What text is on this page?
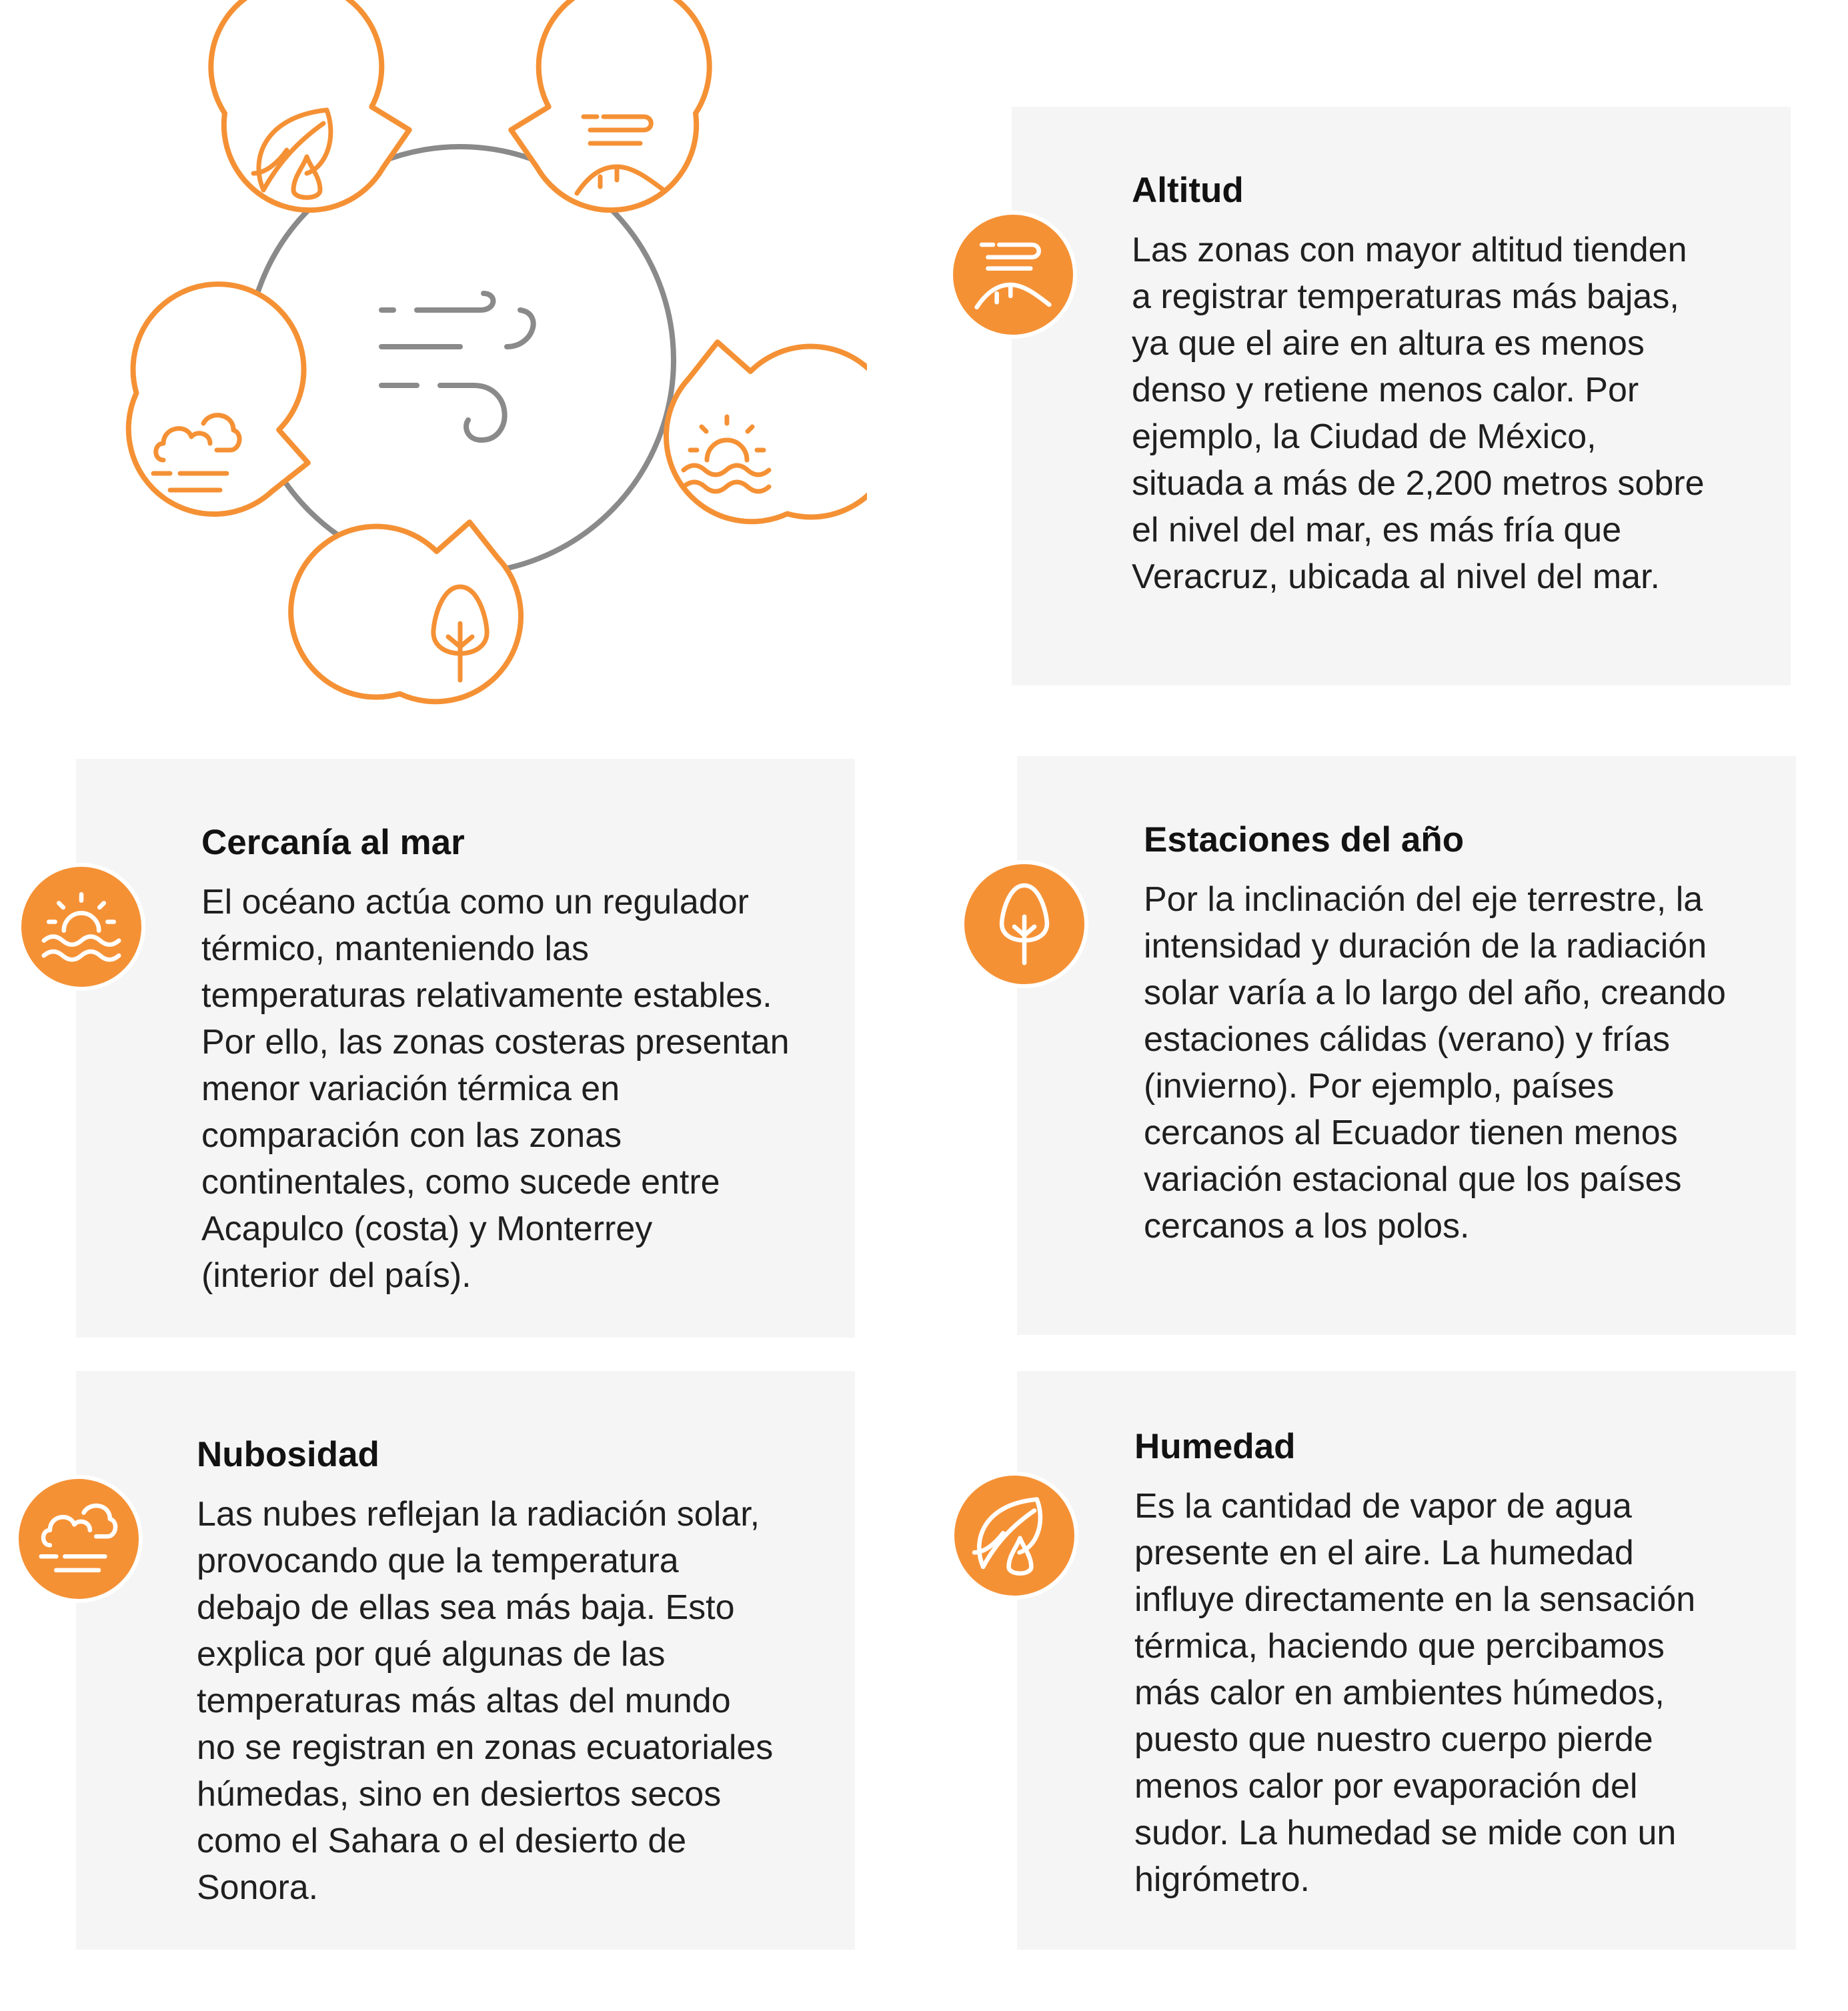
Altitud
Las zonas con mayor altitud tienden
a registrar temperaturas más bajas,
ya que el aire en altura es menos
denso y retiene menos calor. Por
ejemplo, la Ciudad de México,
situada a más de 2,200 metros sobre
el nivel del mar, es más fría que
Veracruz, ubicada al nivel del mar.
Cercanía al mar
El océano actúa como un regulador
térmico, manteniendo las
temperaturas relativamente estables.
Por ello, las zonas costeras presentan
menor variación térmica en
comparación con las zonas
continentales, como sucede entre
Acapulco (costa) y Monterrey
(interior del país).
Estaciones del año
Por la inclinación del eje terrestre, la
intensidad y duración de la radiación
solar varía a lo largo del año, creando
estaciones cálidas (verano) y frías
(invierno). Por ejemplo, países
cercanos al Ecuador tienen menos
variación estacional que los países
cercanos a los polos.
Nubosidad
Las nubes reflejan la radiación solar,
provocando que la temperatura
debajo de ellas sea más baja. Esto
explica por qué algunas de las
temperaturas más altas del mundo
no se registran en zonas ecuatoriales
húmedas, sino en desiertos secos
como el Sahara o el desierto de
Sonora.
Humedad
Es la cantidad de vapor de agua
presente en el aire. La humedad
influye directamente en la sensación
térmica, haciendo que percibamos
más calor en ambientes húmedos,
puesto que nuestro cuerpo pierde
menos calor por evaporación del
sudor. La humedad se mide con un
higrómetro.
